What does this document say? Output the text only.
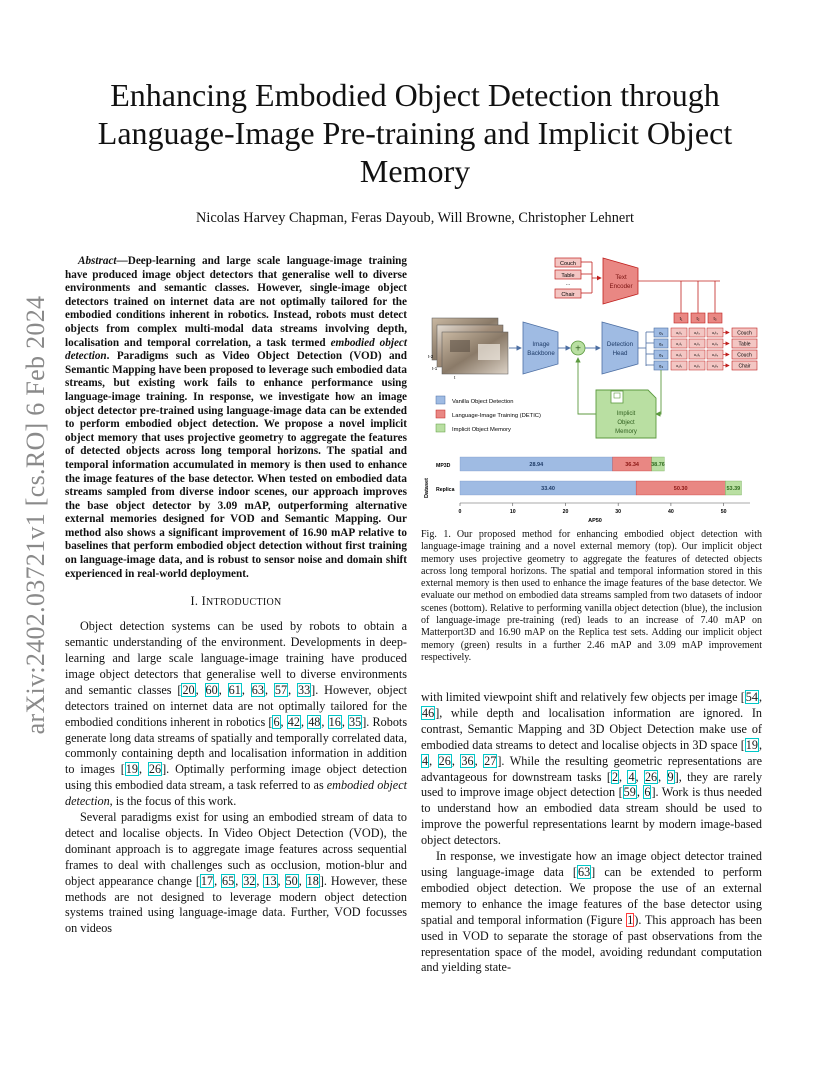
arXiv:2402.03721v1 [cs.RO] 6 Feb 2024
Enhancing Embodied Object Detection through Language-Image Pre-training and Implicit Object Memory
Nicolas Harvey Chapman, Feras Dayoub, Will Browne, Christopher Lehnert

Abstract—Deep-learning and large scale language-image training have produced image object detectors that generalise well to diverse environments and semantic classes. However, single-image object detectors trained on internet data are not optimally tailored for the embodied conditions inherent in robotics. Instead, robots must detect objects from complex multi-modal data streams involving depth, localisation and temporal correlation, a task termed embodied object detection. Paradigms such as Video Object Detection (VOD) and Semantic Mapping have been proposed to leverage such embodied data streams, but existing work fails to enhance performance using language-image training. In response, we investigate how an image object detector pre-trained using language-image data can be extended to perform embodied object detection. We propose a novel implicit object memory that uses projective geometry to aggregate the features of detected objects across long temporal horizons. The spatial and temporal information accumulated in memory is then used to enhance the image features of the base detector. When tested on embodied data streams sampled from diverse indoor scenes, our approach improves the base object detector by 3.09 mAP, outperforming alternative external memories designed for VOD and Semantic Mapping. Our method also shows a significant improvement of 16.90 mAP relative to baselines that perform embodied object detection without first training on language-image data, and is robust to sensor noise and domain shift experienced in real-world deployment.

I. INTRODUCTION

Object detection systems can be used by robots to obtain a semantic understanding of the environment. Developments in deep-learning and large scale language-image training have produced image object detectors that generalise well to diverse environments and semantic classes [20, 60, 61, 63, 57, 33]. However, object detectors trained on internet data are not optimally tailored for the embodied conditions inherent in robotics [6, 42, 48, 16, 35]. Robots generate long data streams of spatially and temporally correlated data, commonly containing depth and localisation information in addition to images [19, 26]. Optimally performing image object detection using this embodied data stream, a task referred to as embodied object detection, is the focus of this work.

Several paradigms exist for using an embodied stream of data to detect and localise objects. In Video Object Detection (VOD), the dominant approach is to aggregate image features across sequential frames to deal with challenges such as occlusion, motion-blur and object appearance change [17, 65, 32, 13, 50, 18]. However, these methods are not designed to leverage modern object detection systems trained using language-image data. Further, VOD focusses on videos

Couch
Table
...
Chair
Text
Encoder
t₁	t₂	t₃
t-2
t-1
t
Image
Backbone +	Detection
Head
o₁
o₂
o₃
o₄
o₁t₁	o₁t₂	o₁t₃
o₂t₁	o₂t₂	o₂t₃
o₃t₁	o₃t₂	o₃t₃
o₄t₁	o₄t₂	o₄t₃
Couch
Table
Couch
Chair
Implicit
Object
Memory
Vanilla Object Detection
Language-Image Training (DETIC)
Implicit Object Memory
Dataset
MP3D
Replica
28.94	36.34 38.76
33.40	50.30	53.39
0	10	20	30	40	50
AP50
Fig. 1. Our proposed method for enhancing embodied object detection with language-image training and a novel external memory (top). Our implicit object memory uses projective geometry to aggregate the features of detected objects across long temporal horizons. The spatial and temporal information stored in this external memory is then used to enhance the image features of the base detector. We evaluate our method on embodied data streams sampled from two datasets of indoor scenes (bottom). Relative to performing vanilla object detection (blue), the inclusion of language-image pre-training (red) leads to an increase of 7.40 mAP on Matterport3D and 16.90 mAP on the Replica test sets. Adding our implicit object memory (green) results in a further 2.46 mAP and 3.09 mAP improvement respectively.

with limited viewpoint shift and relatively few objects per image [54, 46], while depth and localisation information are ignored. In contrast, Semantic Mapping and 3D Object Detection make use of embodied data streams to detect and localise objects in 3D space [19, 4, 26, 36, 27]. While the resulting geometric representations are advantageous for downstream tasks [2, 4, 26, 9], they are rarely used to improve image object detection [59, 6]. Work is thus needed to understand how an embodied data stream should be used to improve the powerful representations learnt by modern image-based object detectors.

In response, we investigate how an image object detector trained using language-image data [63] can be extended to perform embodied object detection. We propose the use of an external memory to enhance the image features of the base detector using spatial and temporal information (Figure 1). This approach has been used in VOD to separate the storage of past observations from the representation space of the model, avoiding redundant computation and yielding state-
